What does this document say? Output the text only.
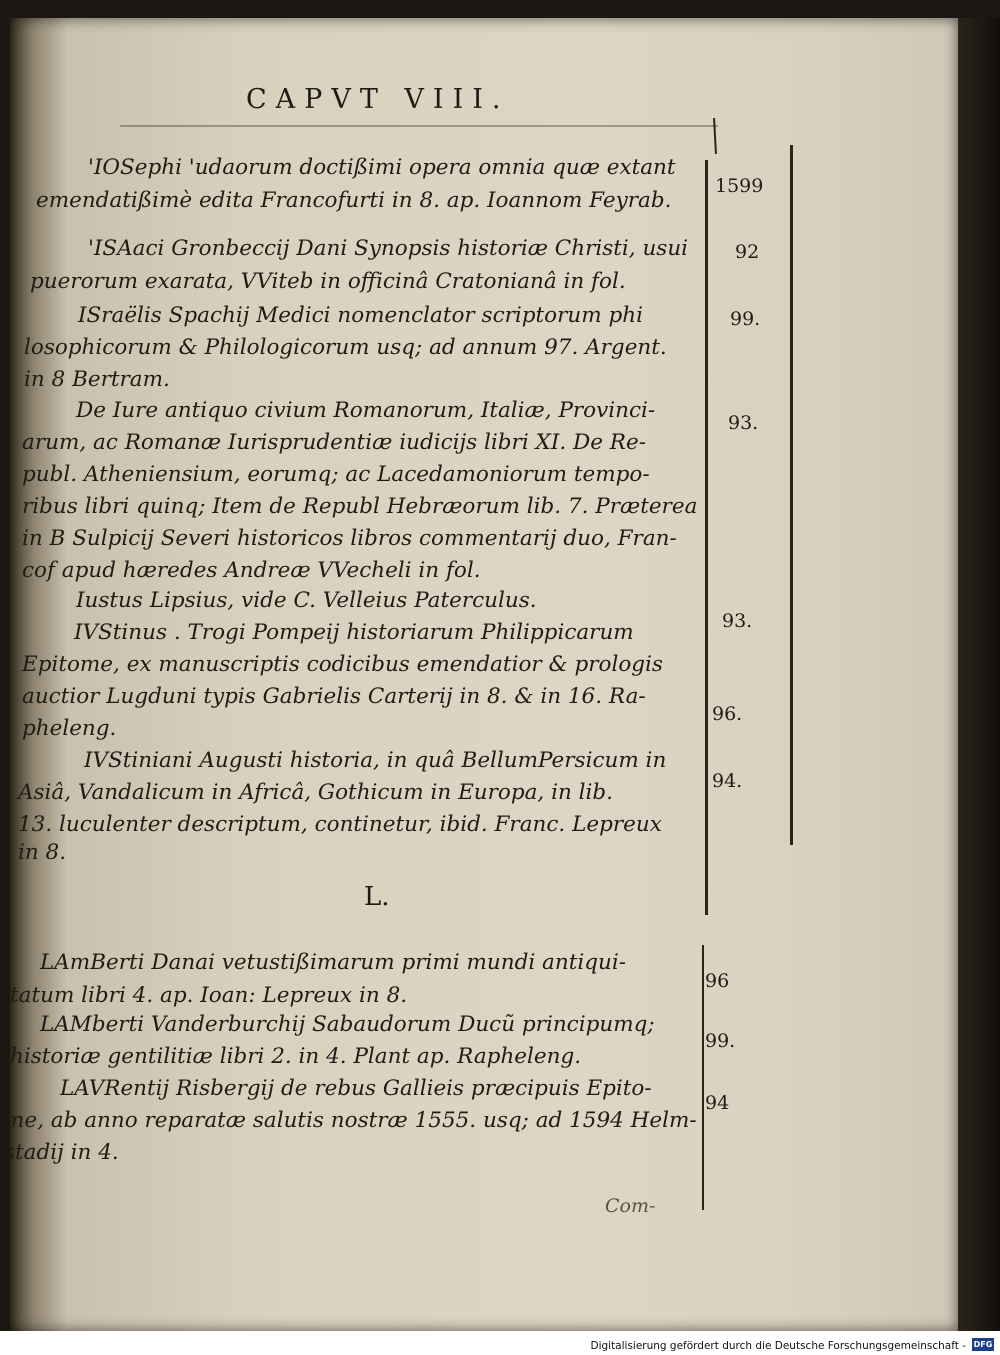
CAPVT VIII.
'IOSephi 'udaorum doctißimi opera omnia quæ extant
emendatißimè edita Francofurti in 8. ap. Ioannom Feyrab.
1599
'ISAaci Gronbecciј Dani Synopsis historiæ Christi, usui
puerorum exarata, VViteb in officinâ Cratonianâ in fol.
92
ISraëlis Spachij Medici nomenclator scriptorum phi
losophicorum & Philologicorum usq; ad annum 97. Argent.
in 8 Bertram.
99.
De Iure antiquo civium Romanorum, Italiæ, Provinci-
arum, ac Romanæ Iurisprudentiæ iudiciјs libri XI. De Re-
publ. Atheniensium, eorumq; ac Lacedamoniorum tempo-
ribus libri quinq; Item de Republ Hebræorum lib. 7. Præterea
in B Sulpiciј Severi historicos libros commentarij duo, Fran-
cof apud hæredes Andreæ VVecheli in fol.
93.
Iustus Lipsius, vide C. Velleius Paterculus.
IVStinus . Trogi Pompeij historiarum Philippicarum
Epitome, ex manuscriptis codicibus emendatior & prologis
auctior Lugduni typis Gabrielis Carteriј in 8. & in 16. Ra-
pheleng.
93.
96.
IVStiniani Augusti historia, in quâ BellumPersicum in
Asiâ, Vandalicum in Africâ, Gothicum in Europa, in lib.
13. luculenter descriptum, continetur, ibid. Franc. Lepreux
in 8.
94.
L.
LAmBerti Danai vetustißimarum primi mundi antiqui-
tatum libri 4. ap. Ioan: Lepreux in 8.
96
LAMberti Vanderburchij Sabaudorum Ducũ principumq;
historiæ gentilitiæ libri 2. in 4. Plant ap. Rapheleng.
99.
LAVRentij Risbergij de rebus Gallieis præcipuis Epito-
me, ab anno reparatæ salutis nostræ 1555. usq; ad 1594 Helm-
stadij in 4.
94
Com-
Digitalisierung gefördert durch die Deutsche Forschungsgemeinschaft - DFG
